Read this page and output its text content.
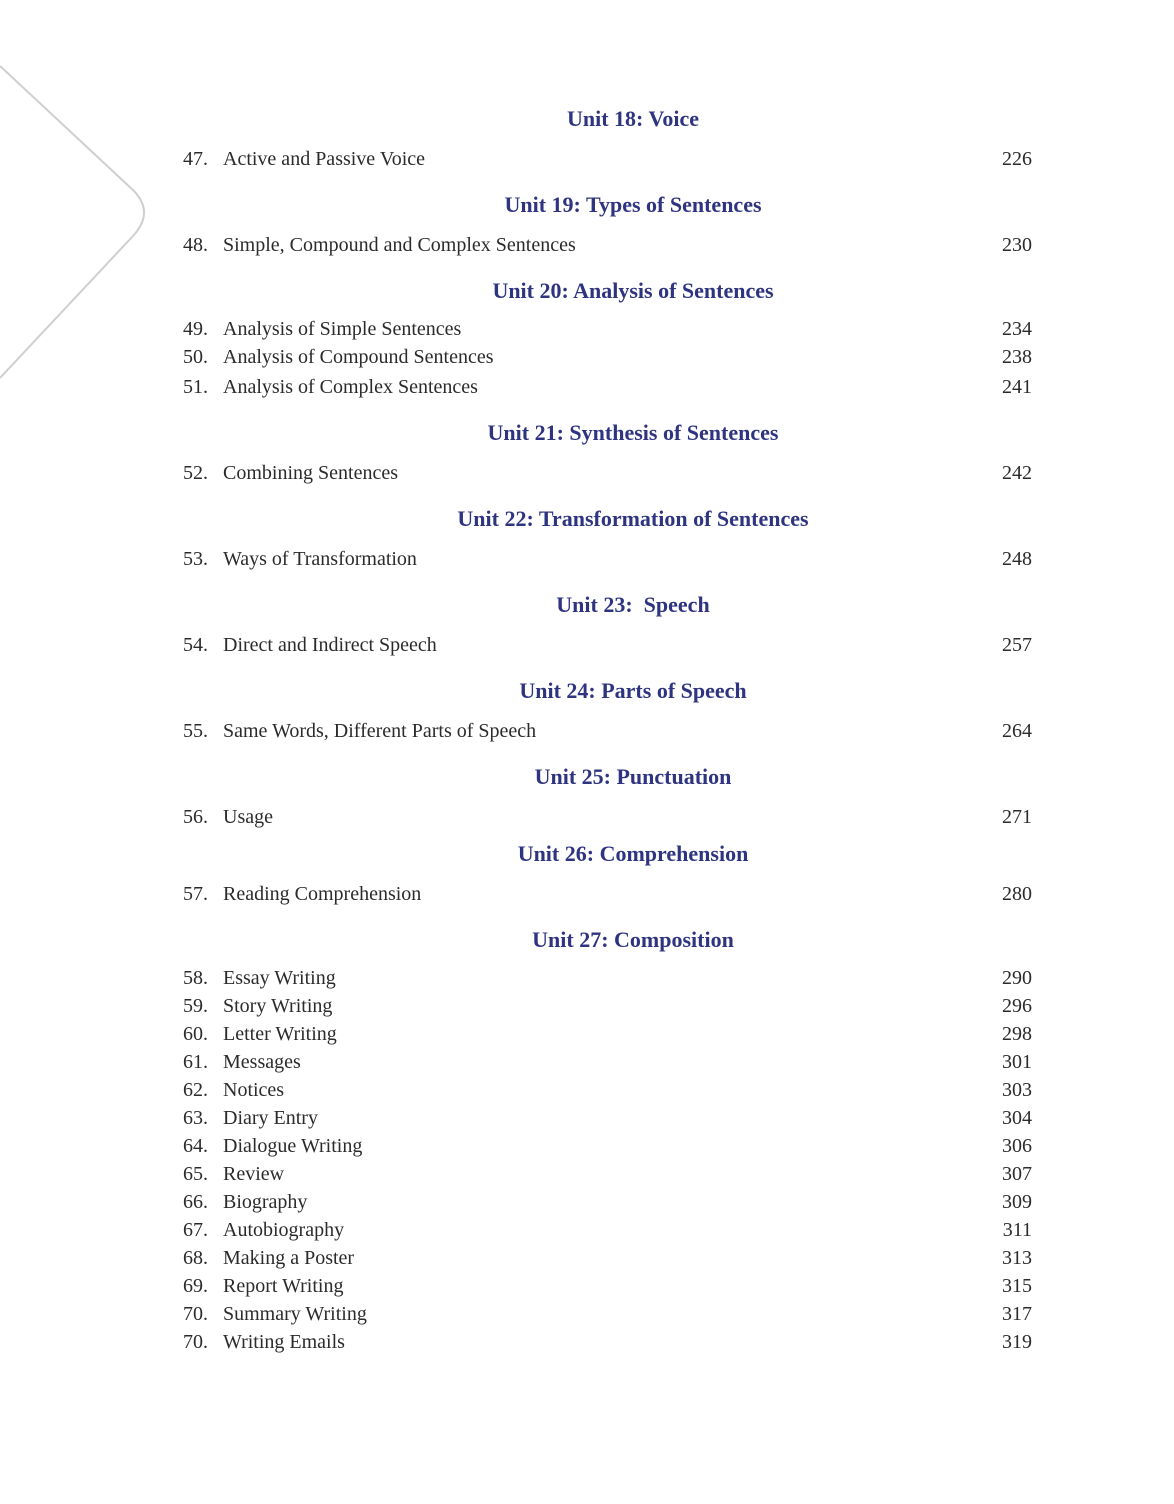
Unit 18: Voice
47. Active and Passive Voice	226
Unit 19: Types of Sentences
48. Simple, Compound and Complex Sentences	230
Unit 20: Analysis of Sentences
49. Analysis of Simple Sentences	234
50. Analysis of Compound Sentences	238
51. Analysis of Complex Sentences	241
Unit 21: Synthesis of Sentences
52. Combining Sentences	242
Unit 22: Transformation of Sentences
53. Ways of Transformation	248
Unit 23:  Speech
54. Direct and Indirect Speech	257
Unit 24: Parts of Speech
55. Same Words, Different Parts of Speech	264
Unit 25: Punctuation
56. Usage	271
Unit 26: Comprehension
57. Reading Comprehension	280
Unit 27: Composition
58. Essay Writing	290
59. Story Writing	296
60. Letter Writing	298
61. Messages	301
62. Notices	303
63. Diary Entry	304
64. Dialogue Writing	306
65. Review	307
66. Biography	309
67. Autobiography	311
68. Making a Poster	313
69. Report Writing	315
70. Summary Writing	317
70. Writing Emails	319
